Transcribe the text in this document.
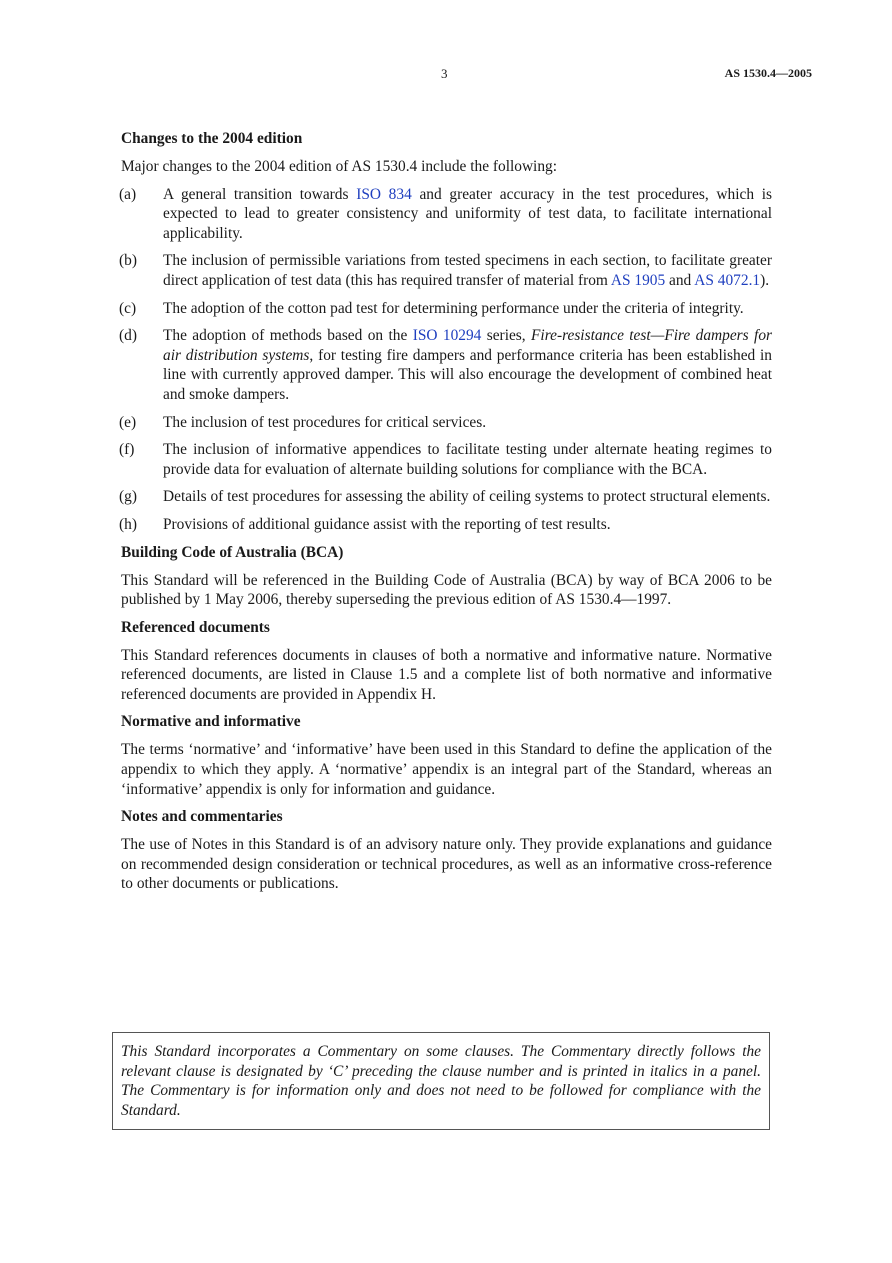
3	AS 1530.4—2005
Changes to the 2004 edition

Major changes to the 2004 edition of AS 1530.4 include the following:

(a)	A general transition towards ISO 834 and greater accuracy in the test procedures, which is expected to lead to greater consistency and uniformity of test data, to facilitate international applicability.
(b)	The inclusion of permissible variations from tested specimens in each section, to facilitate greater direct application of test data (this has required transfer of material from AS 1905 and AS 4072.1).
(c)	The adoption of the cotton pad test for determining performance under the criteria of integrity.
(d)	The adoption of methods based on the ISO 10294 series, Fire-resistance test—Fire dampers for air distribution systems, for testing fire dampers and performance criteria has been established in line with currently approved damper. This will also encourage the development of combined heat and smoke dampers.
(e)	The inclusion of test procedures for critical services.
(f)	The inclusion of informative appendices to facilitate testing under alternate heating regimes to provide data for evaluation of alternate building solutions for compliance with the BCA.
(g)	Details of test procedures for assessing the ability of ceiling systems to protect structural elements.
(h)	Provisions of additional guidance assist with the reporting of test results.
Building Code of Australia (BCA)

This Standard will be referenced in the Building Code of Australia (BCA) by way of BCA 2006 to be published by 1 May 2006, thereby superseding the previous edition of AS 1530.4—1997.

Referenced documents

This Standard references documents in clauses of both a normative and informative nature. Normative referenced documents, are listed in Clause 1.5 and a complete list of both normative and informative referenced documents are provided in Appendix H.

Normative and informative

The terms ‘normative’ and ‘informative’ have been used in this Standard to define the application of the appendix to which they apply. A ‘normative’ appendix is an integral part of the Standard, whereas an ‘informative’ appendix is only for information and guidance.

Notes and commentaries

The use of Notes in this Standard is of an advisory nature only. They provide explanations and guidance on recommended design consideration or technical procedures, as well as an informative cross-reference to other documents or publications.

This Standard incorporates a Commentary on some clauses. The Commentary directly follows the relevant clause is designated by ‘C’ preceding the clause number and is printed in italics in a panel. The Commentary is for information only and does not need to be followed for compliance with the Standard.
